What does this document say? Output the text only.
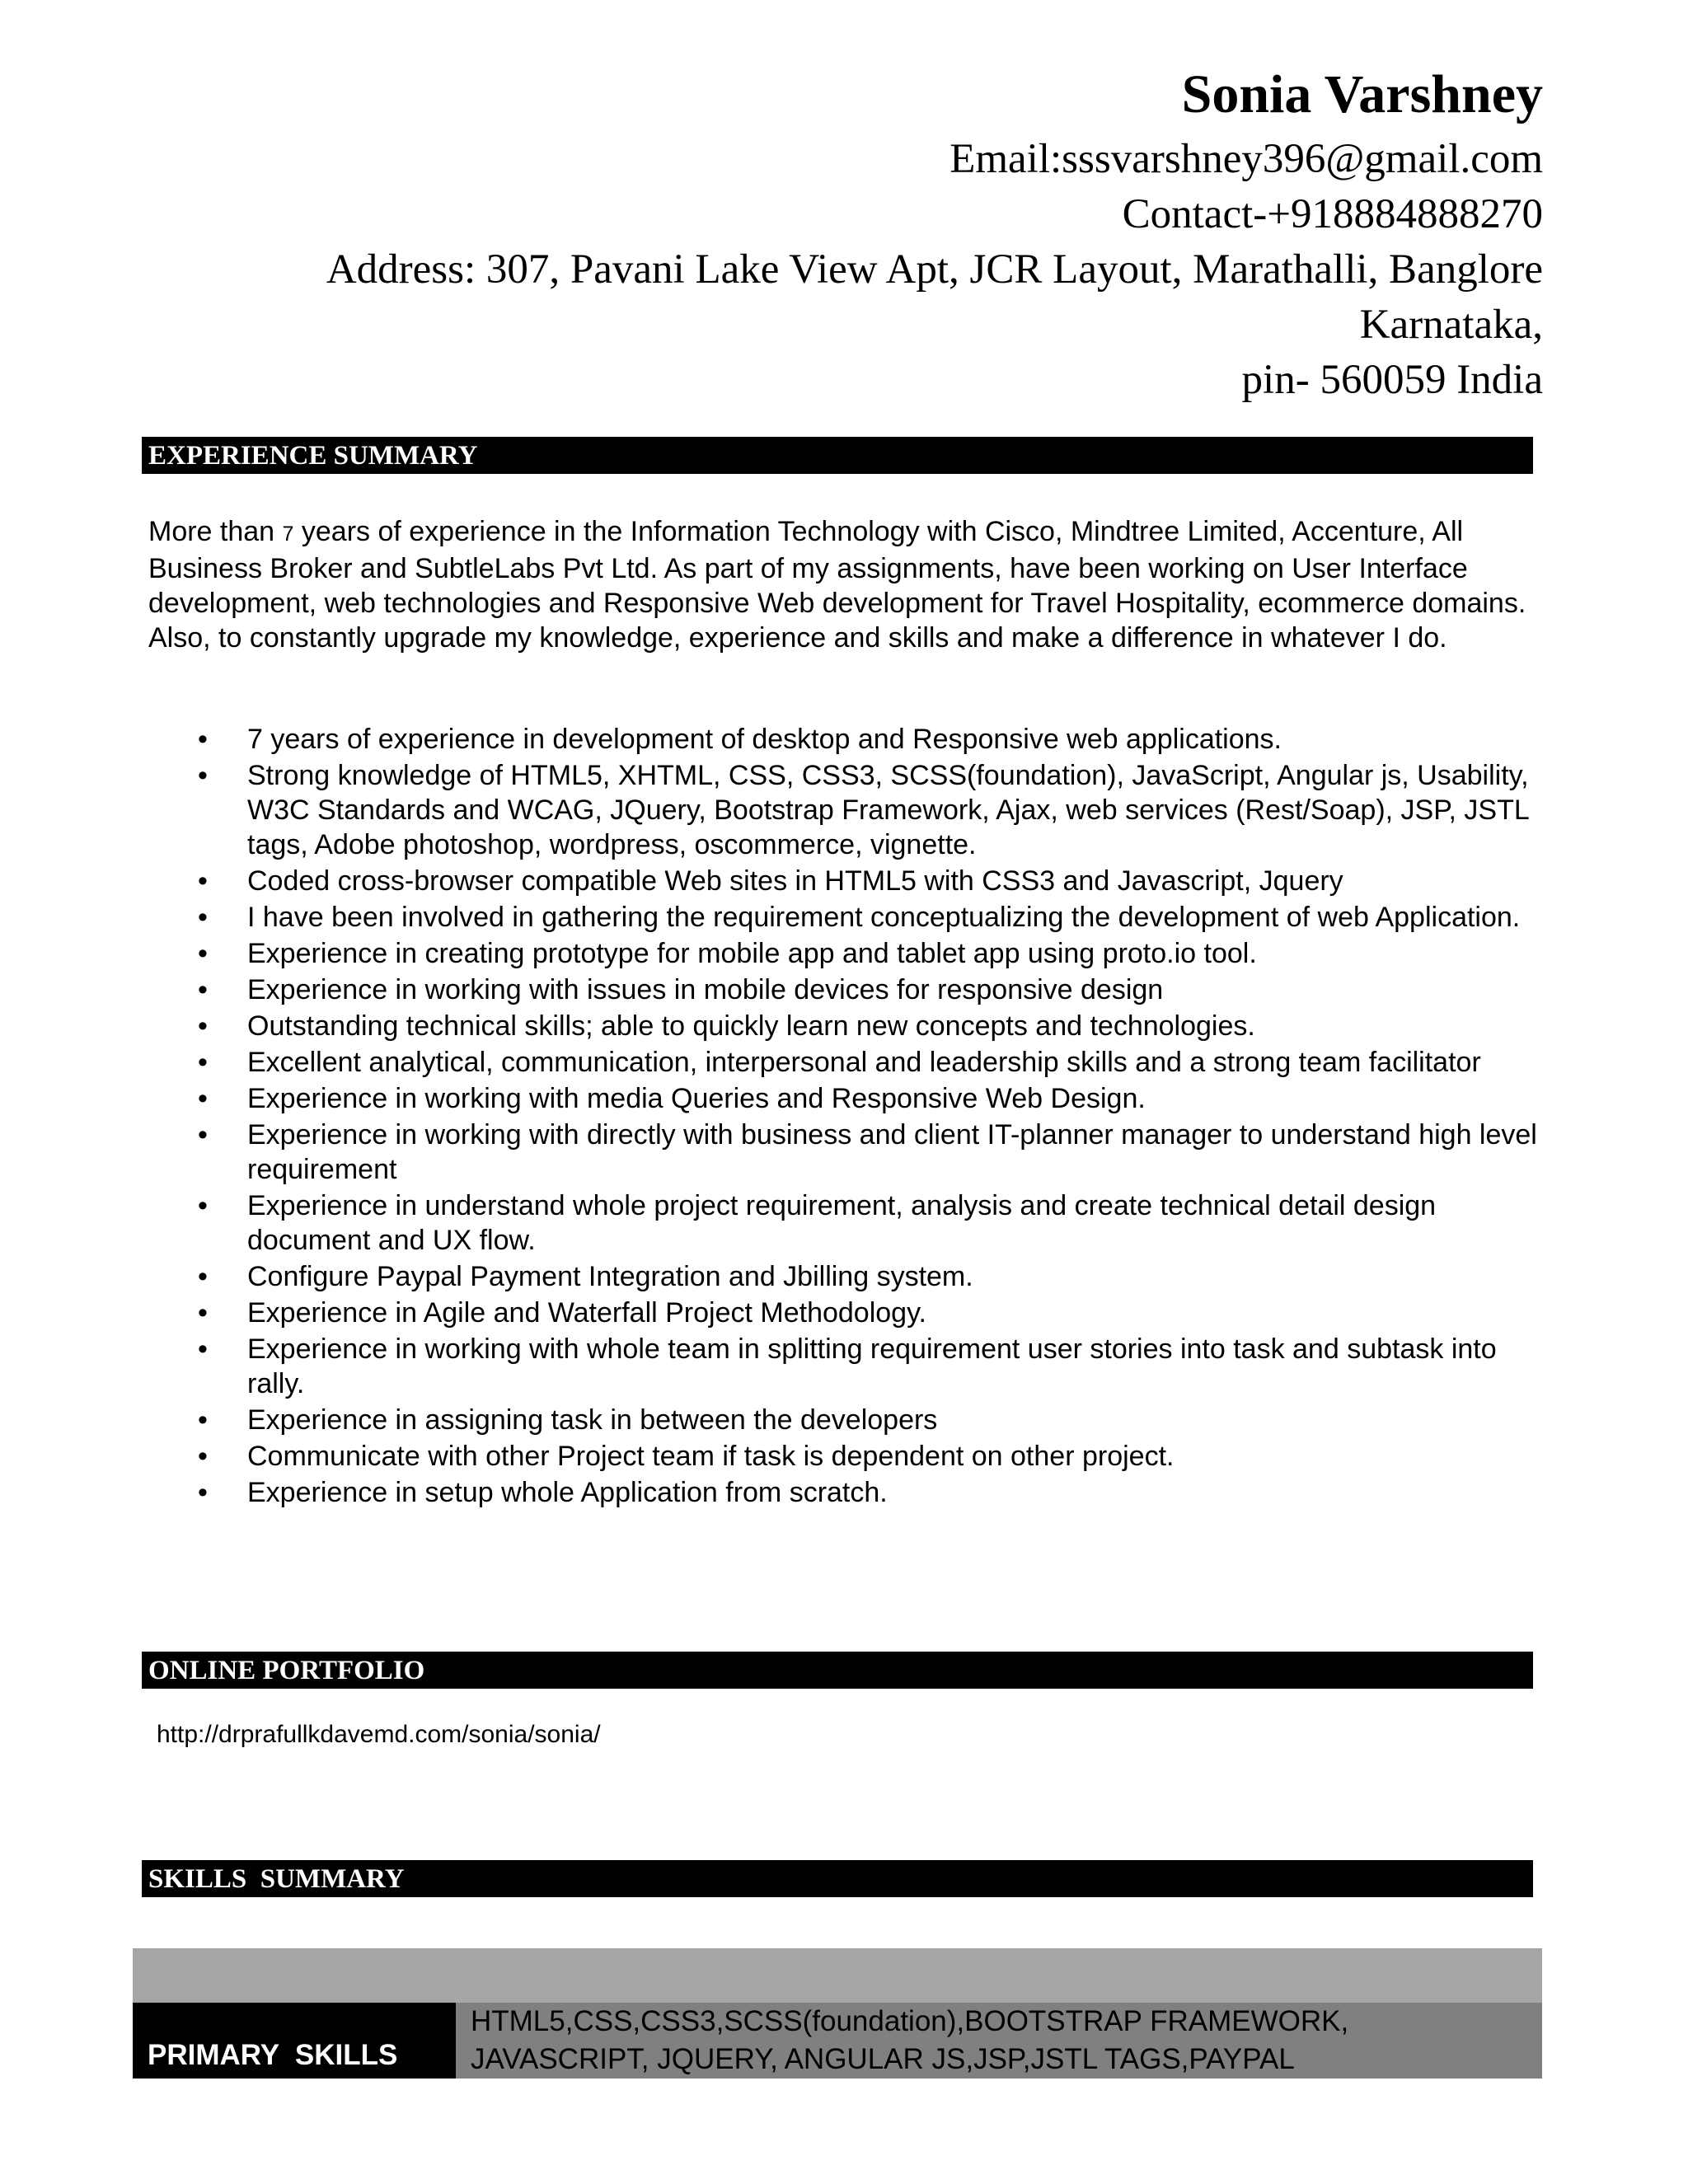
Sonia Varshney

Email:sssvarshney396@gmail.com

Contact-+918884888270

Address: 307, Pavani Lake View Apt, JCR Layout, Marathalli, Banglore

Karnataka,

pin- 560059 India

EXPERIENCE SUMMARY

More than 7 years of experience in the Information Technology with Cisco, Mindtree Limited, Accenture, All Business Broker and SubtleLabs Pvt Ltd. As part of my assignments, have been working on User Interface development, web technologies and Responsive Web development for Travel Hospitality, ecommerce domains. Also, to constantly upgrade my knowledge, experience and skills and make a difference in whatever I do.

• 7 years of experience in development of desktop and Responsive web applications.
• Strong knowledge of HTML5, XHTML, CSS, CSS3, SCSS(foundation), JavaScript, Angular js, Usability, W3C Standards and WCAG, JQuery, Bootstrap Framework, Ajax, web services (Rest/Soap), JSP, JSTL tags, Adobe photoshop, wordpress, oscommerce, vignette.
• Coded cross-browser compatible Web sites in HTML5 with CSS3 and Javascript, Jquery
• I have been involved in gathering the requirement conceptualizing the development of web Application.
• Experience in creating prototype for mobile app and tablet app using proto.io tool.
• Experience in working with issues in mobile devices for responsive design
• Outstanding technical skills; able to quickly learn new concepts and technologies.
• Excellent analytical, communication, interpersonal and leadership skills and a strong team facilitator
• Experience in working with media Queries and Responsive Web Design.
• Experience in working with directly with business and client IT-planner manager to understand high level requirement
• Experience in understand whole project requirement, analysis and create technical detail design document and UX flow.
• Configure Paypal Payment Integration and Jbilling system.
• Experience in Agile and Waterfall Project Methodology.
• Experience in working with whole team in splitting requirement user stories into task and subtask into rally.
• Experience in assigning task in between the developers
• Communicate with other Project team if task is dependent on other project.
• Experience in setup whole Application from scratch.
ONLINE PORTFOLIO
http://drprafullkdavemd.com/sonia/sonia/
SKILLS  SUMMARY
PRIMARY  SKILLS
HTML5,CSS,CSS3,SCSS(foundation),BOOTSTRAP FRAMEWORK,
JAVASCRIPT, JQUERY, ANGULAR JS,JSP,JSTL TAGS,PAYPAL
